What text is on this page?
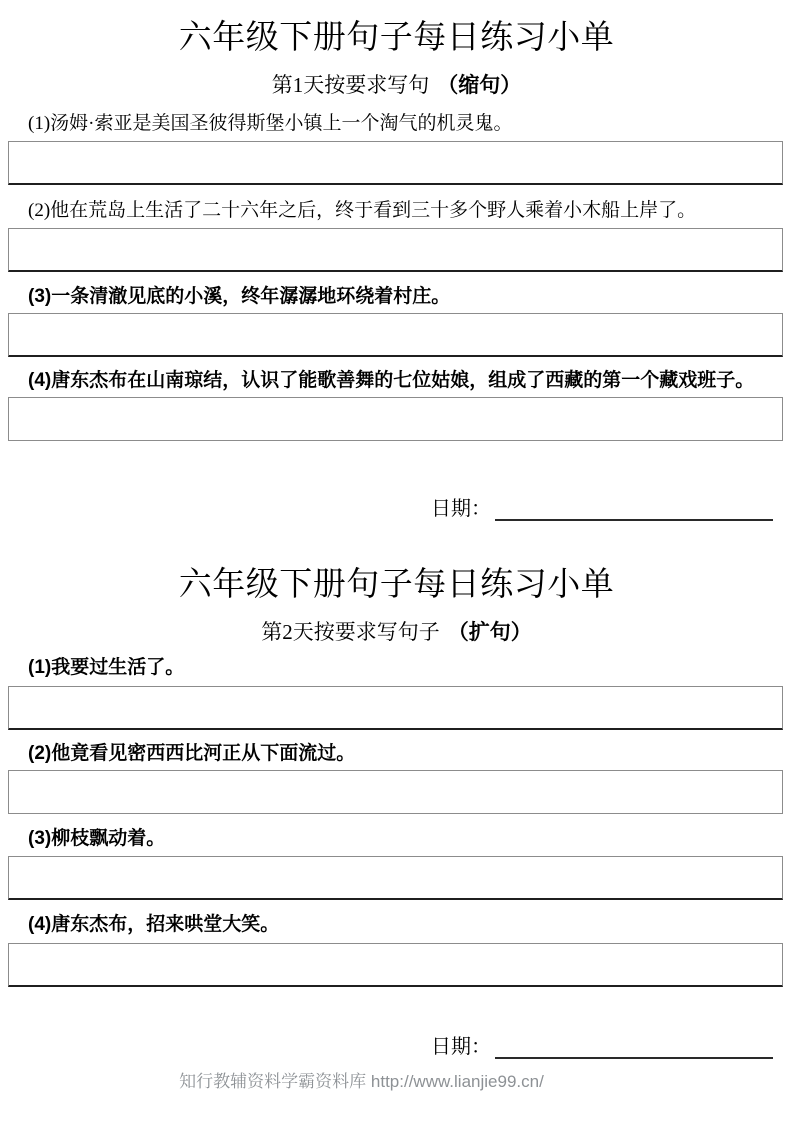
六年级下册句子每日练习小单
第1天按要求写句 （缩句）
(1)汤姆·索亚是美国圣彼得斯堡小镇上一个淘气的机灵鬼。
(2)他在荒岛上生活了二十六年之后，终于看到三十多个野人乘着小木船上岸了。
(3)一条清澈见底的小溪，终年潺潺地环绕着村庄。
(4)唐东杰布在山南琼结，认识了能歌善舞的七位姑娘，组成了西藏的第一个藏戏班子。
日期：
六年级下册句子每日练习小单
第2天按要求写句子 （扩句）
(1)我要过生活了。
(2)他竟看见密西西比河正从下面流过。
(3)柳枝飘动着。
(4)唐东杰布，招来哄堂大笑。
日期：
知行教辅资料学霸资料库 http://www.lianjie99.cn/
